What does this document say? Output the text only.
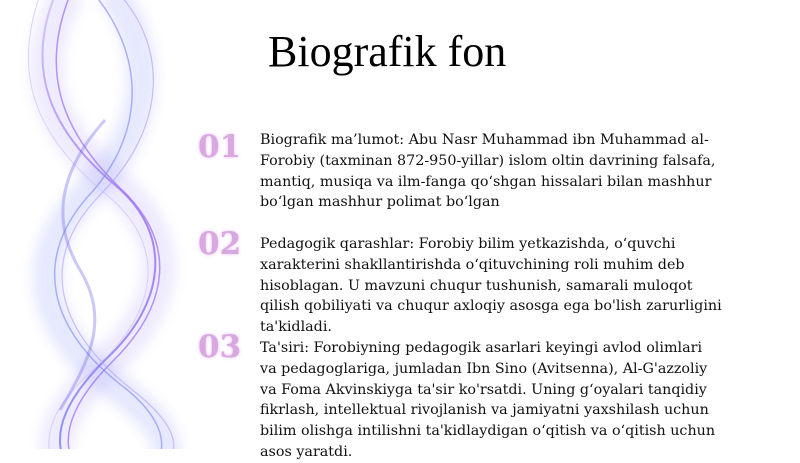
Biografik fon
01 Biografik ma’lumot: Abu Nasr Muhammad ibn Muhammad al-Forobiy (taxminan 872-950-yillar) islom oltin davrining falsafa, mantiq, musiqa va ilm-fanga qo‘shgan hissalari bilan mashhur bo‘lgan mashhur polimat bo‘lgan
02 Pedagogik qarashlar: Forobiy bilim yetkazishda, o‘quvchi xarakterini shakllantirishda o‘qituvchining roli muhim deb hisoblagan. U mavzuni chuqur tushunish, samarali muloqot qilish qobiliyati va chuqur axloqiy asosga ega bo'lish zarurligini ta'kidladi.
03 Ta'siri: Forobiyning pedagogik asarlari keyingi avlod olimlari va pedagoglariga, jumladan Ibn Sino (Avitsenna), Al-G'azzoliy va Foma Akvinskiyga ta'sir ko'rsatdi. Uning g‘oyalari tanqidiy fikrlash, intellektual rivojlanish va jamiyatni yaxshilash uchun bilim olishga intilishni ta'kidlaydigan o‘qitish va o‘qitish uchun asos yaratdi.
